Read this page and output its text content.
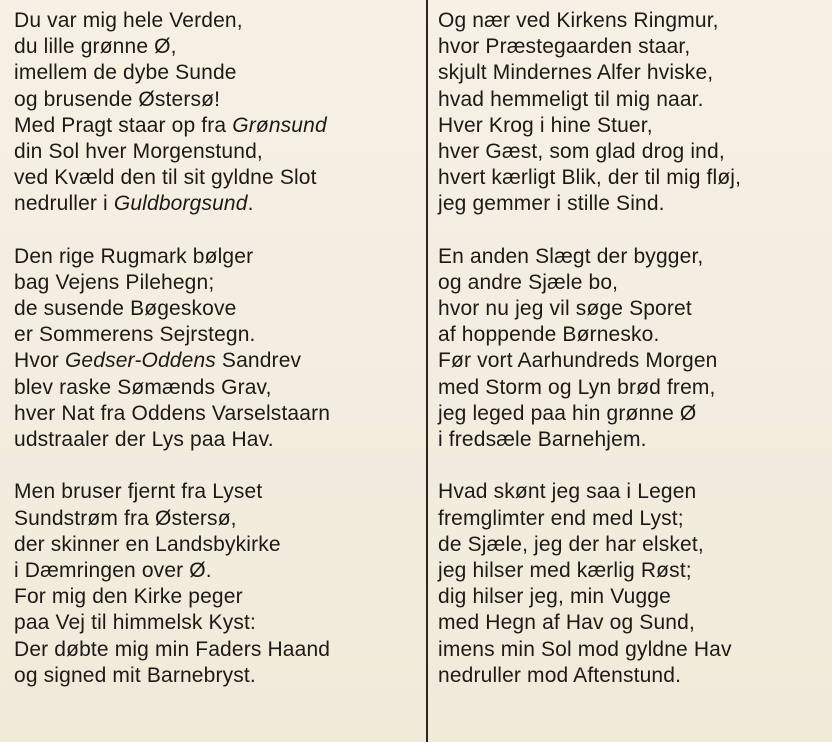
Du var mig hele Verden,
du lille grønne Ø,
imellem de dybe Sunde
og brusende Østersø!
Med Pragt staar op fra Grønsund
din Sol hver Morgenstund,
ved Kvæld den til sit gyldne Slot
nedruller i Guldborgsund.
Den rige Rugmark bølger
bag Vejens Pilehegn;
de susende Bøgeskove
er Sommerens Sejrstegn.
Hvor Gedser-Oddens Sandrev
blev raske Sømænds Grav,
hver Nat fra Oddens Varselstaarn
udstraaler der Lys paa Hav.
Men bruser fjernt fra Lyset
Sundstrøm fra Østersø,
der skinner en Landsbykirke
i Dæmringen over Ø.
For mig den Kirke peger
paa Vej til himmelsk Kyst:
Der døbte mig min Faders Haand
og signed mit Barnebryst.
Og nær ved Kirkens Ringmur,
hvor Præstegaarden staar,
skjult Mindernes Alfer hviske,
hvad hemmeligt til mig naar.
Hver Krog i hine Stuer,
hver Gæst, som glad drog ind,
hvert kærligt Blik, der til mig fløj,
jeg gemmer i stille Sind.
En anden Slægt der bygger,
og andre Sjæle bo,
hvor nu jeg vil søge Sporet
af hoppende Børnesko.
Før vort Aarhundreds Morgen
med Storm og Lyn brød frem,
jeg leged paa hin grønne Ø
i fredsæle Barnehjem.
Hvad skønt jeg saa i Legen
fremglimter end med Lyst;
de Sjæle, jeg der har elsket,
jeg hilser med kærlig Røst;
dig hilser jeg, min Vugge
med Hegn af Hav og Sund,
imens min Sol mod gyldne Hav
nedruller mod Aftenstund.
